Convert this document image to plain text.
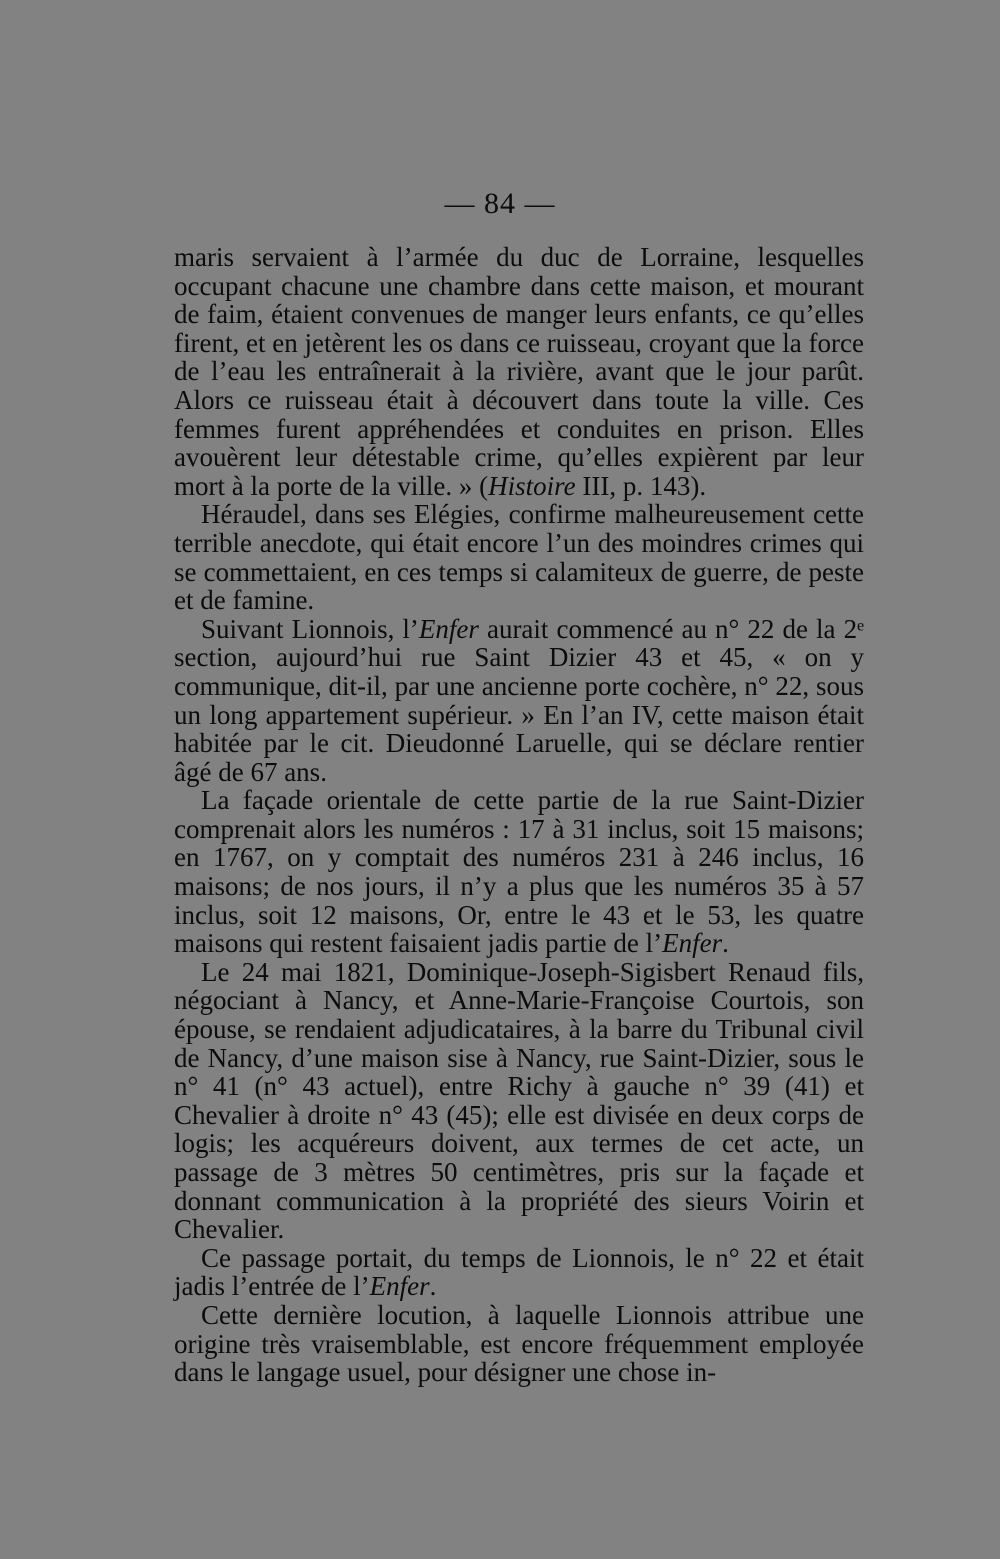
— 84 —

maris servaient à l’armée du duc de Lorraine, lesquelles occupant chacune une chambre dans cette maison, et mourant de faim, étaient convenues de manger leurs enfants, ce qu’elles firent, et en jetèrent les os dans ce ruisseau, croyant que la force de l’eau les entraînerait à la rivière, avant que le jour parût. Alors ce ruisseau était à découvert dans toute la ville. Ces femmes furent appréhendées et conduites en prison. Elles avouèrent leur détestable crime, qu’elles expièrent par leur mort à la porte de la ville. » (Histoire III, p. 143).

Héraudel, dans ses Elégies, confirme malheureusement cette terrible anecdote, qui était encore l’un des moindres crimes qui se commettaient, en ces temps si calamiteux de guerre, de peste et de famine.

Suivant Lionnois, l’Enfer aurait commencé au n° 22 de la 2ᵉ section, aujourd’hui rue Saint Dizier 43 et 45, « on y communique, dit-il, par une ancienne porte cochère, n° 22, sous un long appartement supérieur. » En l’an IV, cette maison était habitée par le cit. Dieudonné Laruelle, qui se déclare rentier âgé de 67 ans.

La façade orientale de cette partie de la rue Saint-Dizier comprenait alors les numéros : 17 à 31 inclus, soit 15 maisons; en 1767, on y comptait des numéros 231 à 246 inclus, 16 maisons; de nos jours, il n’y a plus que les numéros 35 à 57 inclus, soit 12 maisons, Or, entre le 43 et le 53, les quatre maisons qui restent faisaient jadis partie de l’Enfer.

Le 24 mai 1821, Dominique-Joseph-Sigisbert Renaud fils, négociant à Nancy, et Anne-Marie-Françoise Courtois, son épouse, se rendaient adjudicataires, à la barre du Tribunal civil de Nancy, d’une maison sise à Nancy, rue Saint-Dizier, sous le n° 41 (n° 43 actuel), entre Richy à gauche n° 39 (41) et Chevalier à droite n° 43 (45); elle est divisée en deux corps de logis; les acquéreurs doivent, aux termes de cet acte, un passage de 3 mètres 50 centimètres, pris sur la façade et donnant communication à la propriété des sieurs Voirin et Chevalier.

Ce passage portait, du temps de Lionnois, le n° 22 et était jadis l’entrée de l’Enfer.

Cette dernière locution, à laquelle Lionnois attribue une origine très vraisemblable, est encore fréquemment employée dans le langage usuel, pour désigner une chose in-
